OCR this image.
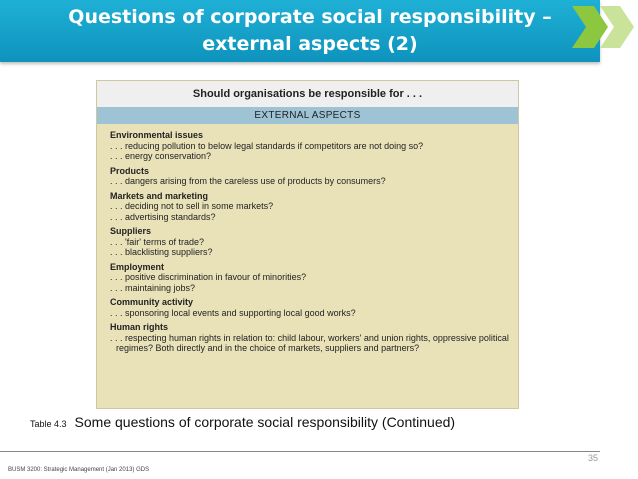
Questions of corporate social responsibility –
external aspects (2)
Should organisations be responsible for . . .
EXTERNAL ASPECTS
Environmental issues
. . . reducing pollution to below legal standards if competitors are not doing so?
. . . energy conservation?
Products
. . . dangers arising from the careless use of products by consumers?
Markets and marketing
. . . deciding not to sell in some markets?
. . . advertising standards?
Suppliers
. . . 'fair' terms of trade?
. . . blacklisting suppliers?
Employment
. . . positive discrimination in favour of minorities?
. . . maintaining jobs?
Community activity
. . . sponsoring local events and supporting local good works?
Human rights
. . . respecting human rights in relation to: child labour, workers' and union rights, oppressive political regimes? Both directly and in the choice of markets, suppliers and partners?
Table 4.3 Some questions of corporate social responsibility (Continued)
35
BUSM 3200: Strategic Management (Jan 2013) GDS
